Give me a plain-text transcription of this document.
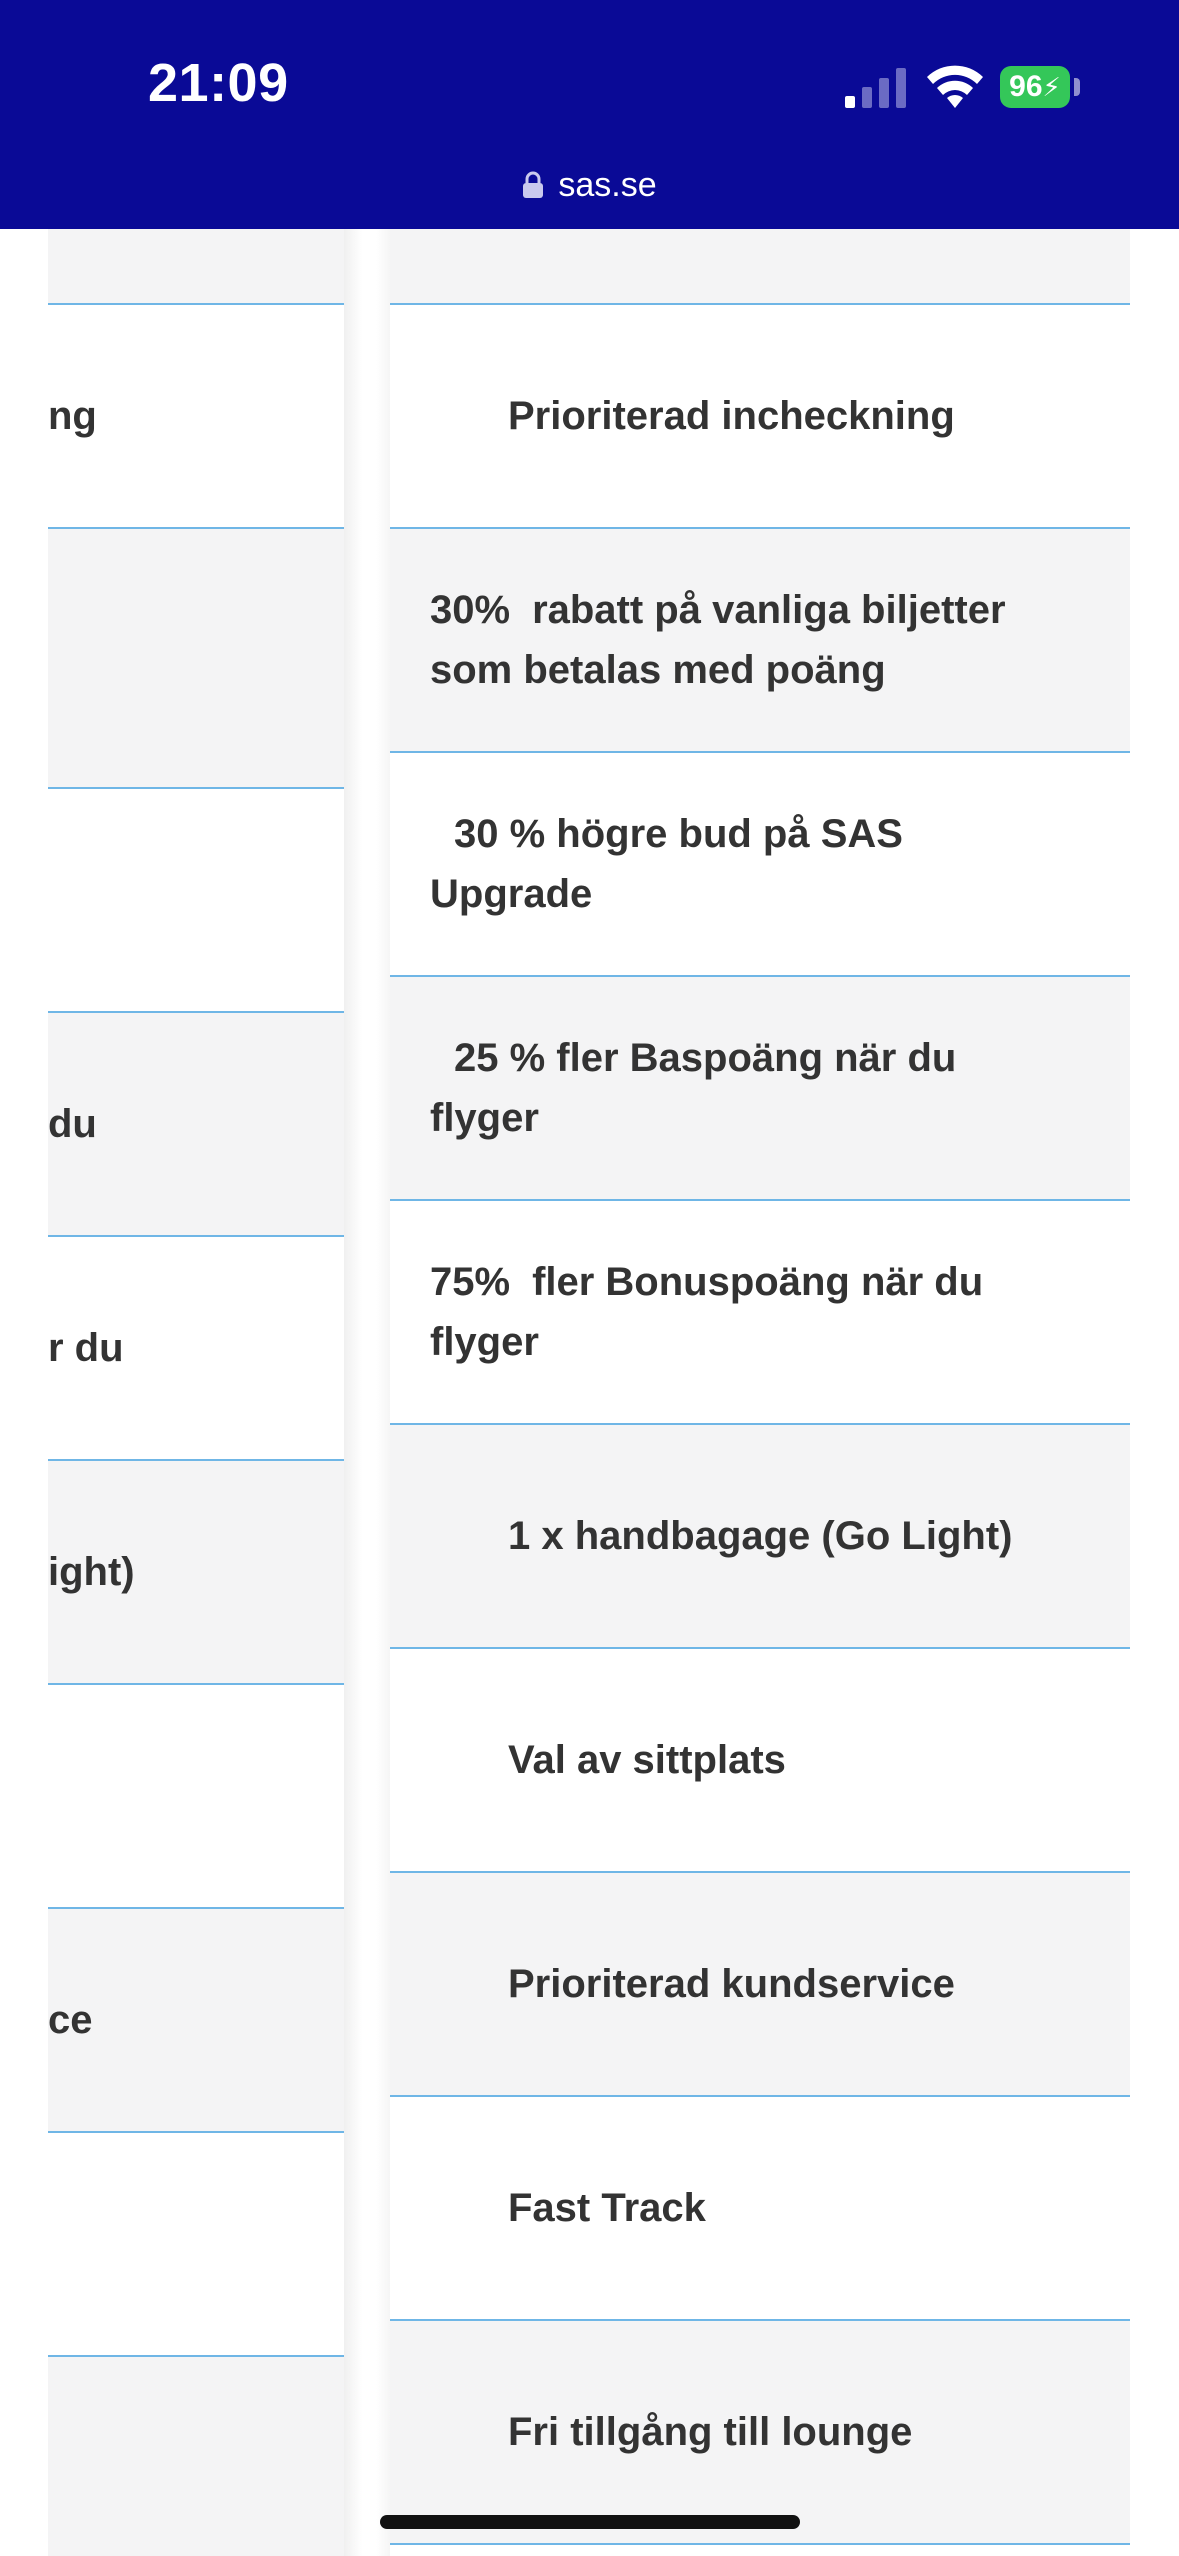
21:09	96 ⚡
sas.se
ng
du
r du
ight)
ce
Prioriterad incheckning
30% rabatt på vanliga biljetter som betalas med poäng
30 % högre bud på SAS Upgrade
25 % fler Baspoäng när du flyger
75% fler Bonuspoäng när du flyger
1 x handbagage (Go Light)
Val av sittplats
Prioriterad kundservice
Fast Track
Fri tillgång till lounge
